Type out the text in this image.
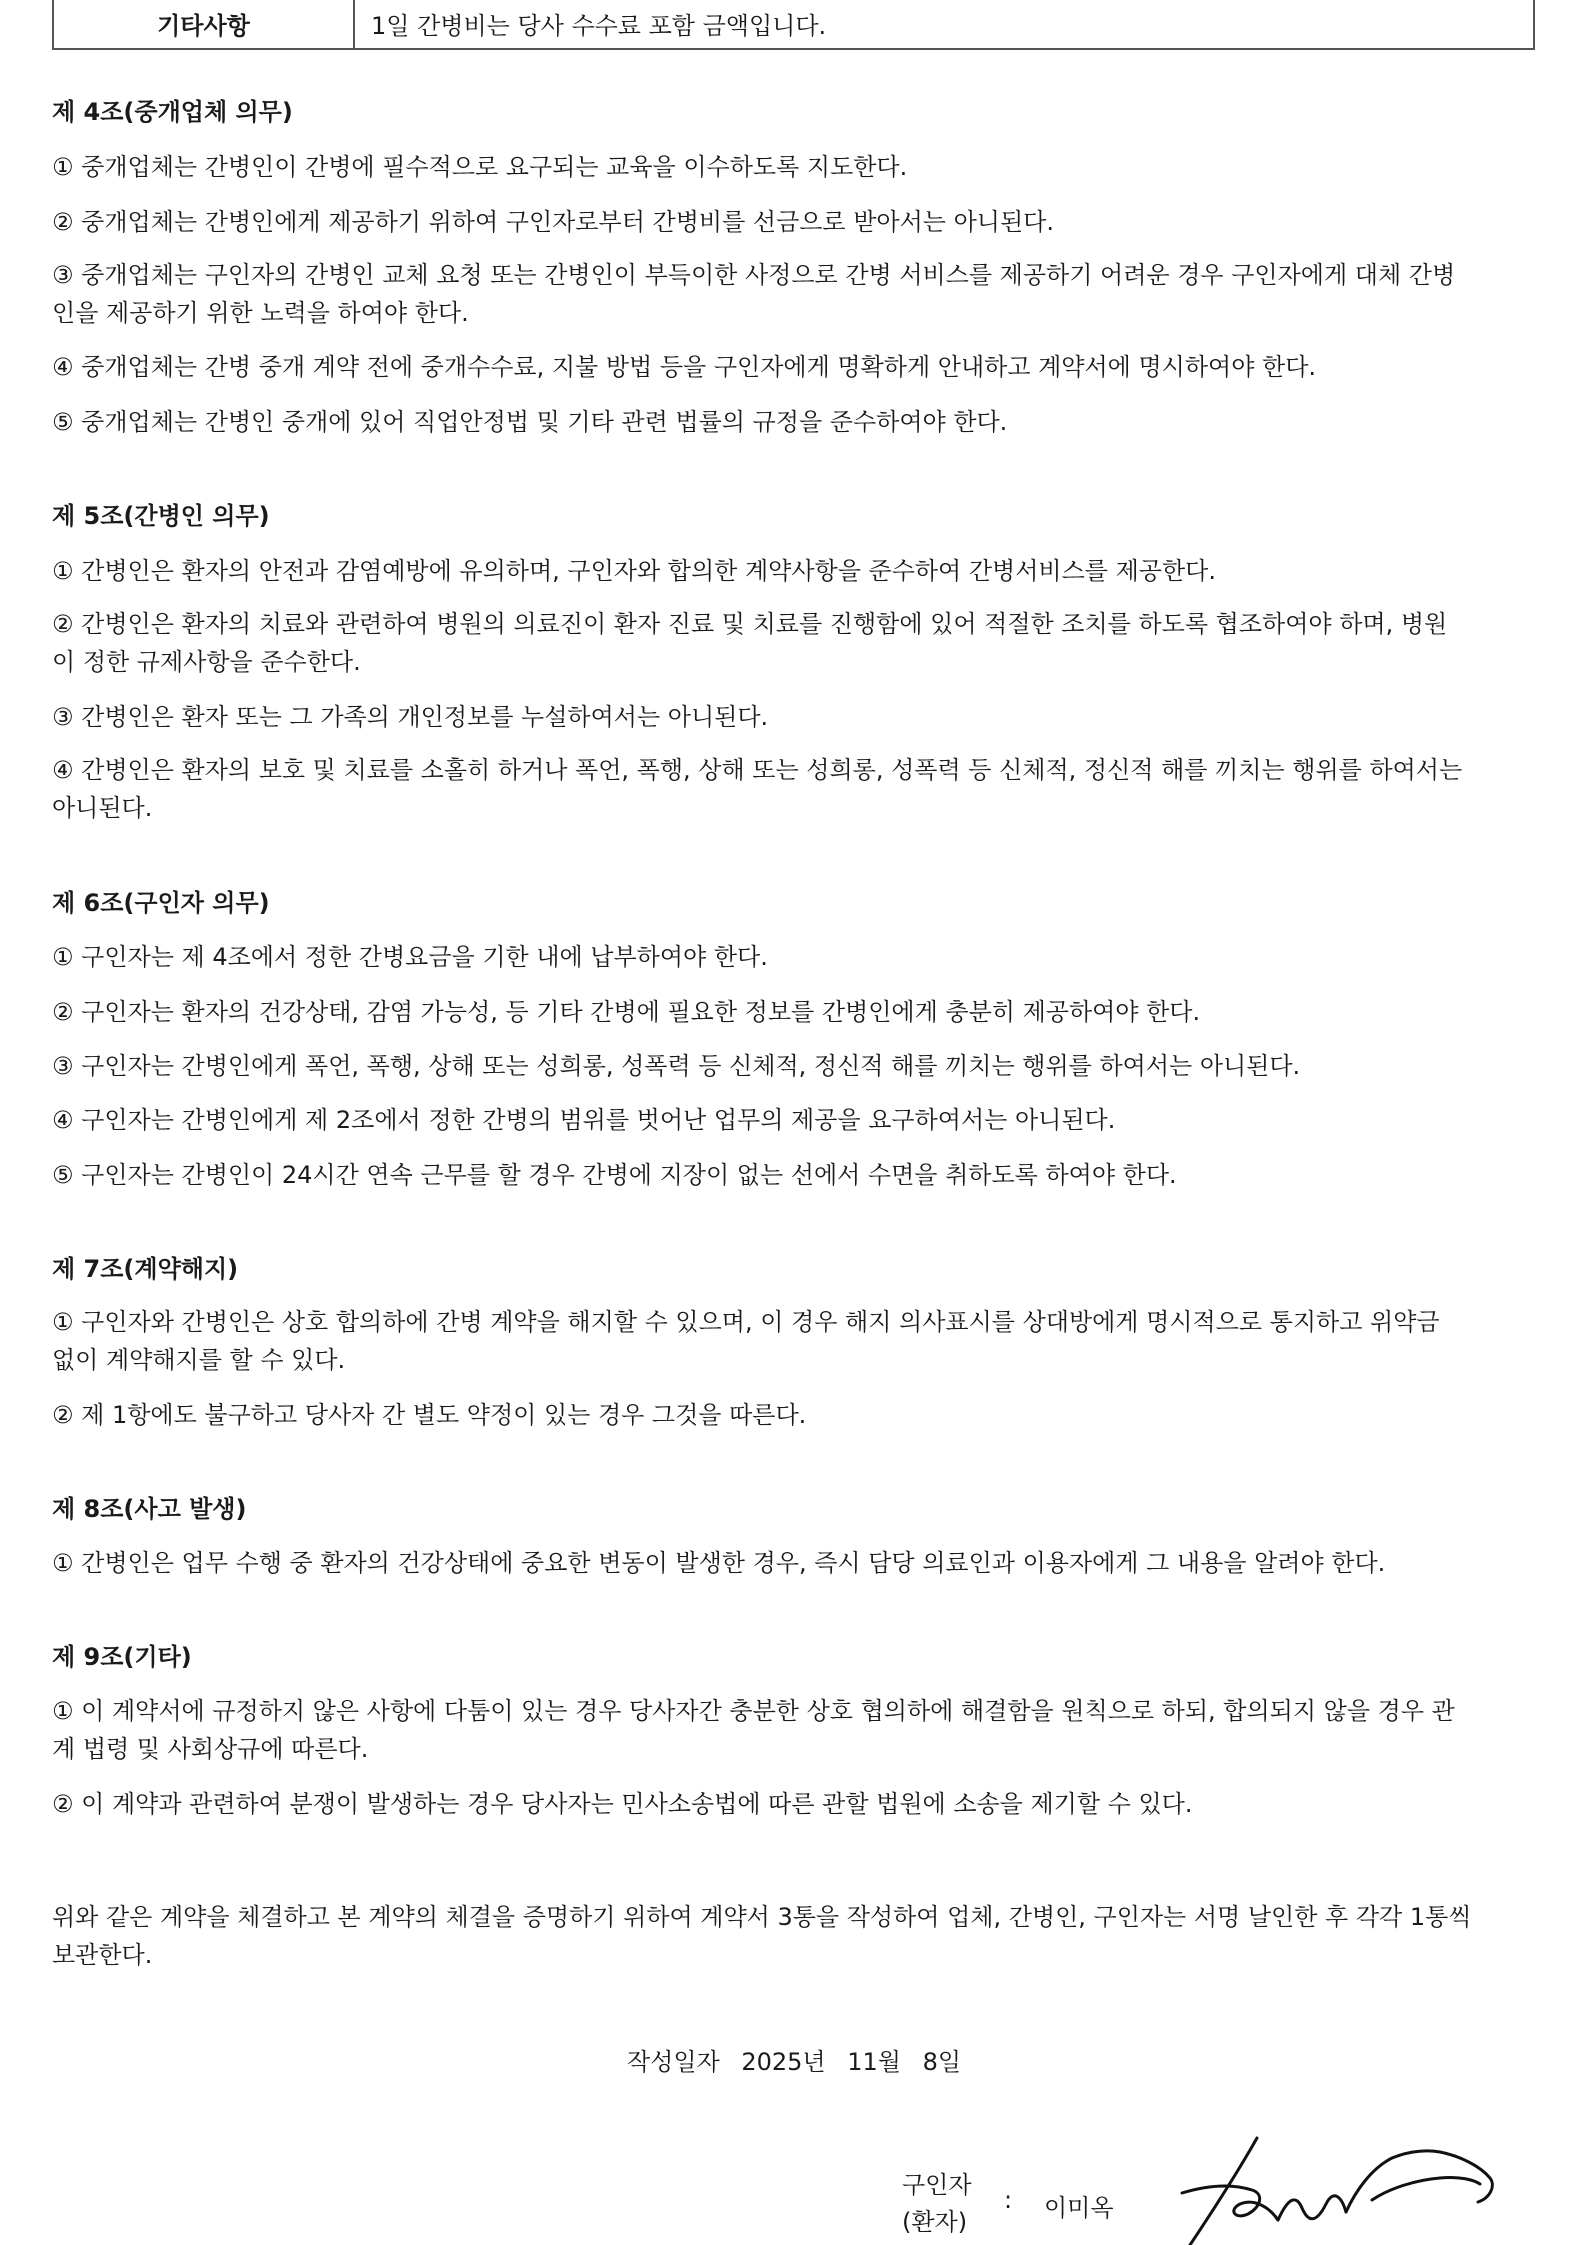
기타사항	1일 간병비는 당사 수수료 포함 금액입니다.

제 4조(중개업체 의무)

① 중개업체는 간병인이 간병에 필수적으로 요구되는 교육을 이수하도록 지도한다.

② 중개업체는 간병인에게 제공하기 위하여 구인자로부터 간병비를 선금으로 받아서는 아니된다.

③ 중개업체는 구인자의 간병인 교체 요청 또는 간병인이 부득이한 사정으로 간병 서비스를 제공하기 어려운 경우 구인자에게 대체 간병

인을 제공하기 위한 노력을 하여야 한다.

④ 중개업체는 간병 중개 계약 전에 중개수수료, 지불 방법 등을 구인자에게 명확하게 안내하고 계약서에 명시하여야 한다.

⑤ 중개업체는 간병인 중개에 있어 직업안정법 및 기타 관련 법률의 규정을 준수하여야 한다.

제 5조(간병인 의무)

① 간병인은 환자의 안전과 감염예방에 유의하며, 구인자와 합의한 계약사항을 준수하여 간병서비스를 제공한다.

② 간병인은 환자의 치료와 관련하여 병원의 의료진이 환자 진료 및 치료를 진행함에 있어 적절한 조치를 하도록 협조하여야 하며, 병원

이 정한 규제사항을 준수한다.

③ 간병인은 환자 또는 그 가족의 개인정보를 누설하여서는 아니된다.

④ 간병인은 환자의 보호 및 치료를 소홀히 하거나 폭언, 폭행, 상해 또는 성희롱, 성폭력 등 신체적, 정신적 해를 끼치는 행위를 하여서는

아니된다.

제 6조(구인자 의무)

① 구인자는 제 4조에서 정한 간병요금을 기한 내에 납부하여야 한다.

② 구인자는 환자의 건강상태, 감염 가능성, 등 기타 간병에 필요한 정보를 간병인에게 충분히 제공하여야 한다.

③ 구인자는 간병인에게 폭언, 폭행, 상해 또는 성희롱, 성폭력 등 신체적, 정신적 해를 끼치는 행위를 하여서는 아니된다.

④ 구인자는 간병인에게 제 2조에서 정한 간병의 범위를 벗어난 업무의 제공을 요구하여서는 아니된다.

⑤ 구인자는 간병인이 24시간 연속 근무를 할 경우 간병에 지장이 없는 선에서 수면을 취하도록 하여야 한다.

제 7조(계약해지)

① 구인자와 간병인은 상호 합의하에 간병 계약을 해지할 수 있으며, 이 경우 해지 의사표시를 상대방에게 명시적으로 통지하고 위약금

없이 계약해지를 할 수 있다.

② 제 1항에도 불구하고 당사자 간 별도 약정이 있는 경우 그것을 따른다.

제 8조(사고 발생)

① 간병인은 업무 수행 중 환자의 건강상태에 중요한 변동이 발생한 경우, 즉시 담당 의료인과 이용자에게 그 내용을 알려야 한다.

제 9조(기타)

① 이 계약서에 규정하지 않은 사항에 다툼이 있는 경우 당사자간 충분한 상호 협의하에 해결함을 원칙으로 하되, 합의되지 않을 경우 관

계 법령 및 사회상규에 따른다.

② 이 계약과 관련하여 분쟁이 발생하는 경우 당사자는 민사소송법에 따른 관할 법원에 소송을 제기할 수 있다.

위와 같은 계약을 체결하고 본 계약의 체결을 증명하기 위하여 계약서 3통을 작성하여 업체, 간병인, 구인자는 서명 날인한 후 각각 1통씩

보관한다.

작성일자 2025년 11월 8일
구인자
(환자)
: 이미옥
